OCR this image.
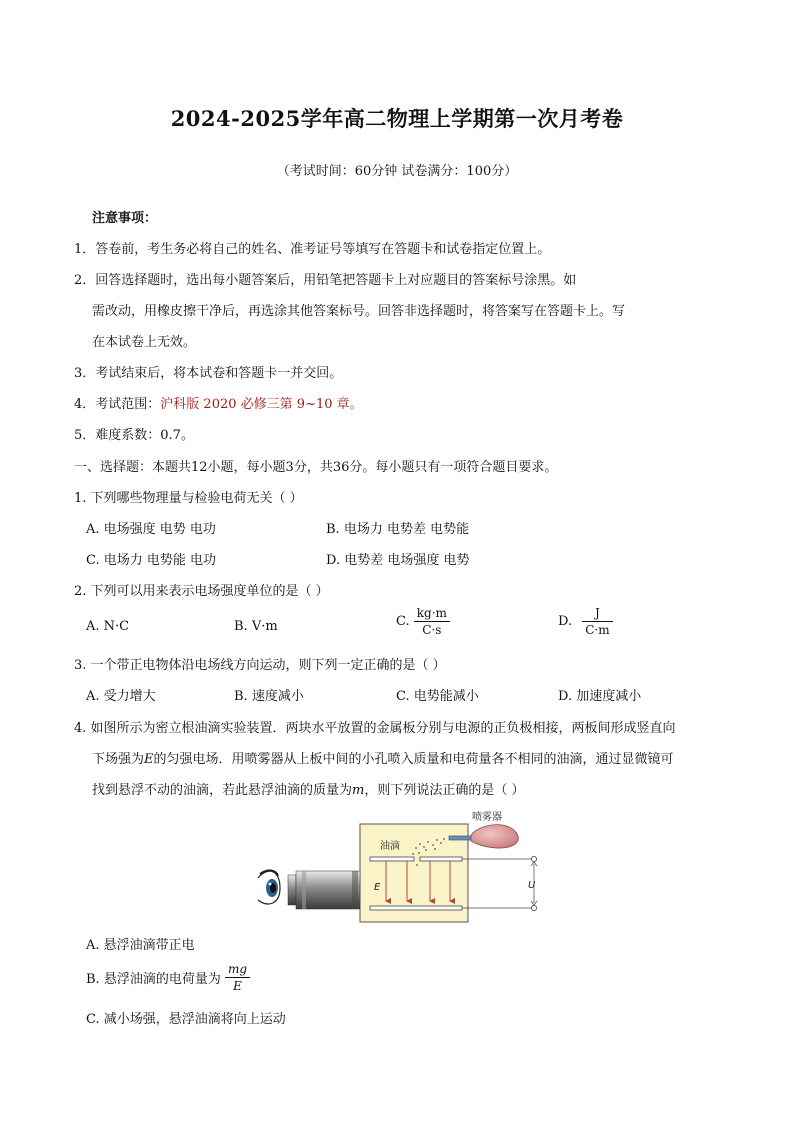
2024-2025学年高二物理上学期第一次月考卷
（考试时间：60分钟 试卷满分：100分）
注意事项：
1．答卷前，考生务必将自己的姓名、准考证号等填写在答题卡和试卷指定位置上。
2．回答选择题时，选出每小题答案后，用铅笔把答题卡上对应题目的答案标号涂黑。如
需改动，用橡皮擦干净后，再选涂其他答案标号。回答非选择题时，将答案写在答题卡上。写
在本试卷上无效。
3．考试结束后，将本试卷和答题卡一并交回。
4．考试范围：沪科版 2020 必修三第 9~10 章。
5．难度系数：0.7。
一、选择题：本题共12小题，每小题3分，共36分。每小题只有一项符合题目要求。
1. 下列哪些物理量与检验电荷无关（ ）
A. 电场强度 电势 电功	B. 电场力 电势差 电势能
C. 电场力 电势能 电功	D. 电势差 电场强度 电势
2. 下列可以用来表示电场强度单位的是（ ）
A. N·C	B. V·m	C. $\frac{kg\cdot m}{C\cdot s}$	D. $\frac{J}{C\cdot m}$
3. 一个带正电物体沿电场线方向运动，则下列一定正确的是（ ）
A. 受力增大	B. 速度减小	C. 电势能减小	D. 加速度减小
4. 如图所示为密立根油滴实验装置．两块水平放置的金属板分别与电源的正负极相接，两板间形成竖直向
下场强为E的匀强电场．用喷雾器从上板中间的小孔喷入质量和电荷量各不相同的油滴，通过显微镜可
找到悬浮不动的油滴，若此悬浮油滴的质量为m，则下列说法正确的是（ ）
E
油滴
喷雾器
U
A. 悬浮油滴带正电
B. 悬浮油滴的电荷量为 $\frac{mg}{E}$
C. 减小场强，悬浮油滴将向上运动
